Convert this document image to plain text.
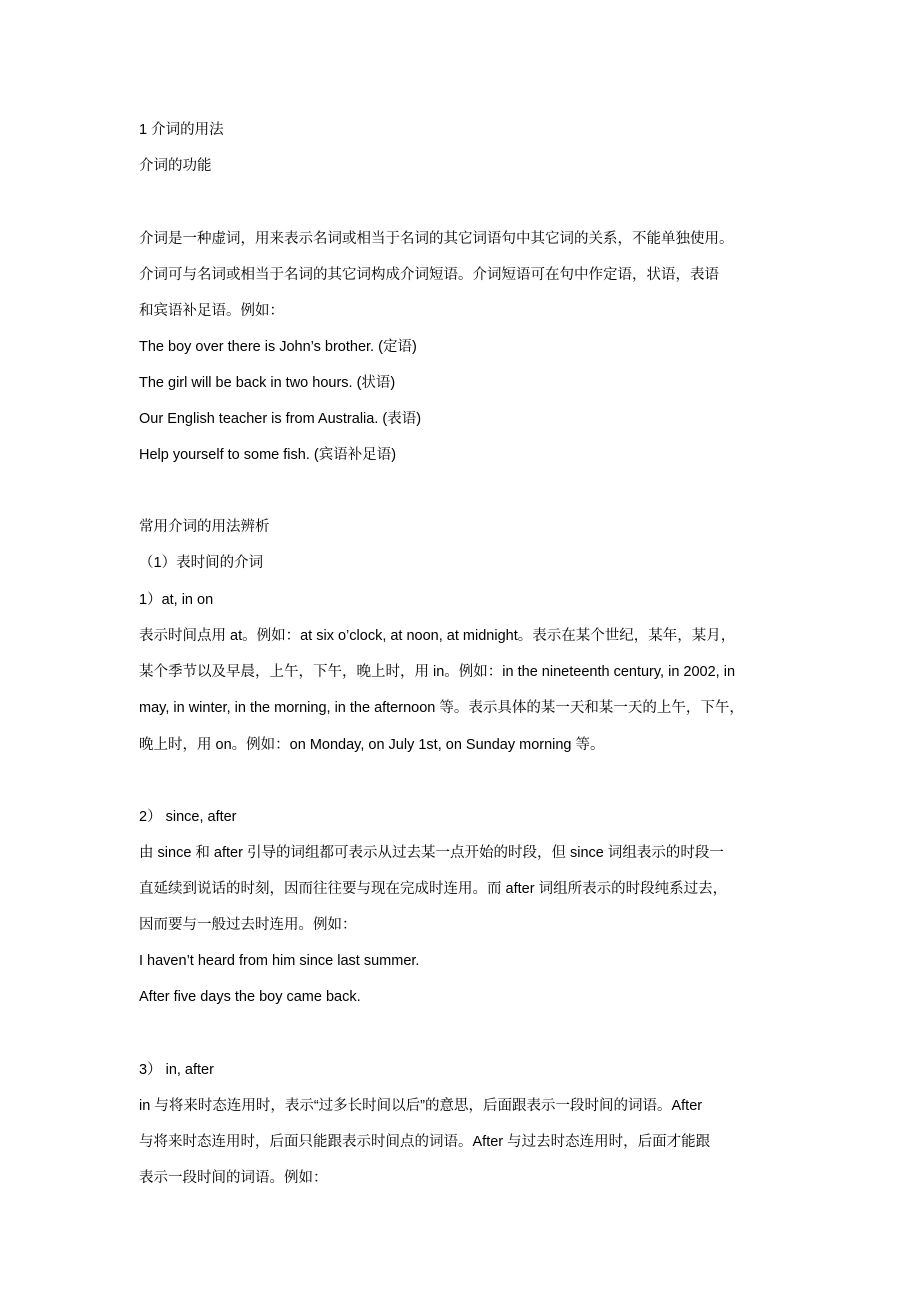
1 介词的用法
介词的功能
介词是一种虚词，用来表示名词或相当于名词的其它词语句中其它词的关系，不能单独使用。
介词可与名词或相当于名词的其它词构成介词短语。介词短语可在句中作定语，状语，表语
和宾语补足语。例如：
The boy over there is John’s brother. (定语)
The girl will be back in two hours. (状语)
Our English teacher is from Australia. (表语)
Help yourself to some fish. (宾语补足语)
常用介词的用法辨析
（1）表时间的介词
1）at, in on
表示时间点用 at。例如：at six o’clock, at noon, at midnight。表示在某个世纪，某年，某月，
某个季节以及早晨，上午，下午，晚上时，用 in。例如：in the nineteenth century, in 2002, in
may, in winter, in the morning, in the afternoon 等。表示具体的某一天和某一天的上午，下午，
晚上时，用 on。例如：on Monday, on July 1st, on Sunday morning 等。
2） since, after
由 since 和 after 引导的词组都可表示从过去某一点开始的时段，但 since 词组表示的时段一
直延续到说话的时刻，因而往往要与现在完成时连用。而 after 词组所表示的时段纯系过去，
因而要与一般过去时连用。例如：
I haven’t heard from him since last summer.
After five days the boy came back.
3） in, after
in 与将来时态连用时，表示“过多长时间以后”的意思，后面跟表示一段时间的词语。After
与将来时态连用时，后面只能跟表示时间点的词语。After 与过去时态连用时，后面才能跟
表示一段时间的词语。例如：
